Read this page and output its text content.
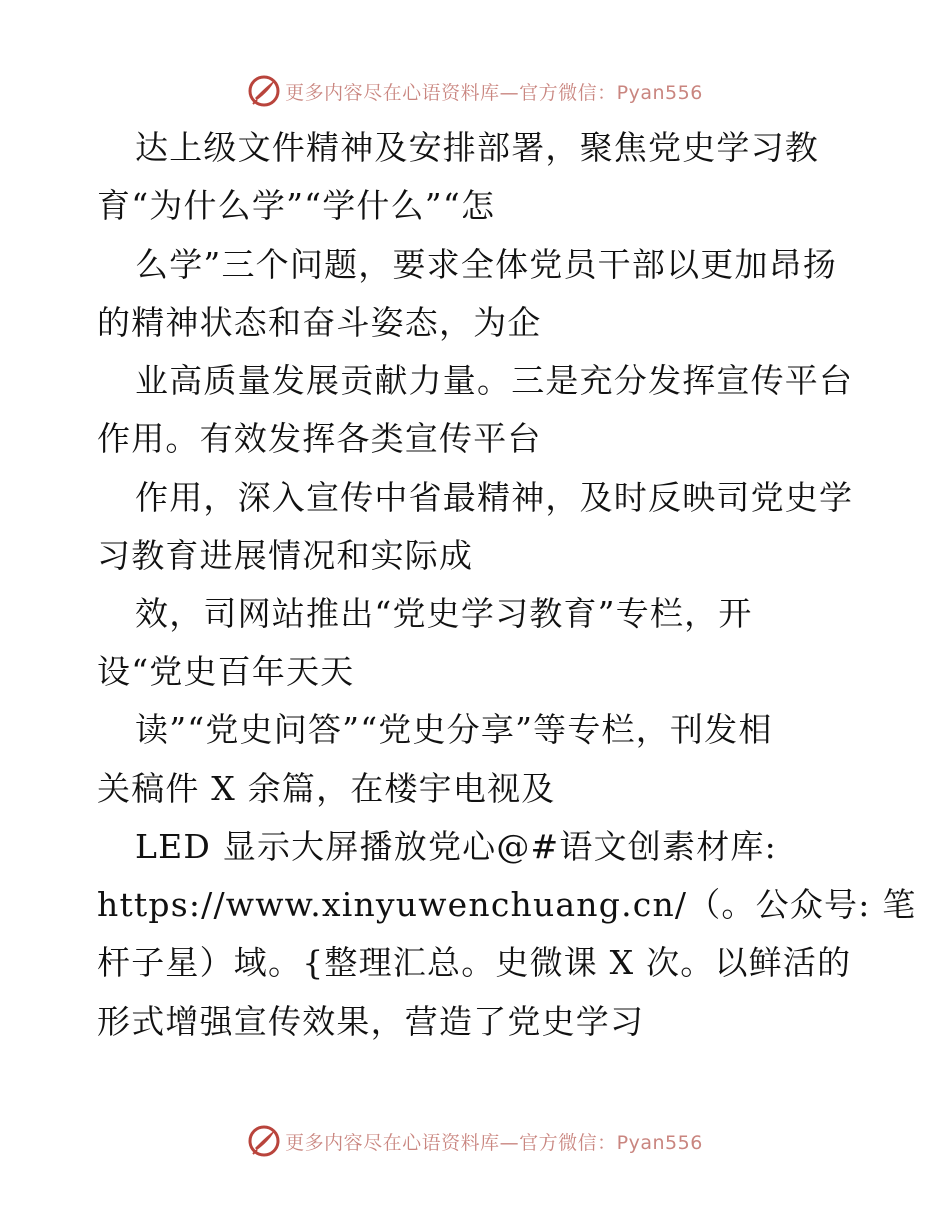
更多内容尽在心语资料库—官方微信：Pyan556
达上级文件精神及安排部署，聚焦党史学习教
育“为什么学”“学什么”“怎
么学”三个问题，要求全体党员干部以更加昂扬
的精神状态和奋斗姿态，为企
业高质量发展贡献力量。三是充分发挥宣传平台
作用。有效发挥各类宣传平台
作用，深入宣传中省最精神，及时反映司党史学
习教育进展情况和实际成
效，司网站推出“党史学习教育”专栏，开
设“党史百年天天
读”“党史问答”“党史分享”等专栏，刊发相
关稿件 X 余篇，在楼宇电视及
LED 显示大屏播放党心@#语文创素材库:
https://www.xinyuwenchuang.cn/（。公众号: 笔
杆子星）域。{整理汇总。史微课 X 次。以鲜活的
形式增强宣传效果，营造了党史学习
更多内容尽在心语资料库—官方微信：Pyan556
